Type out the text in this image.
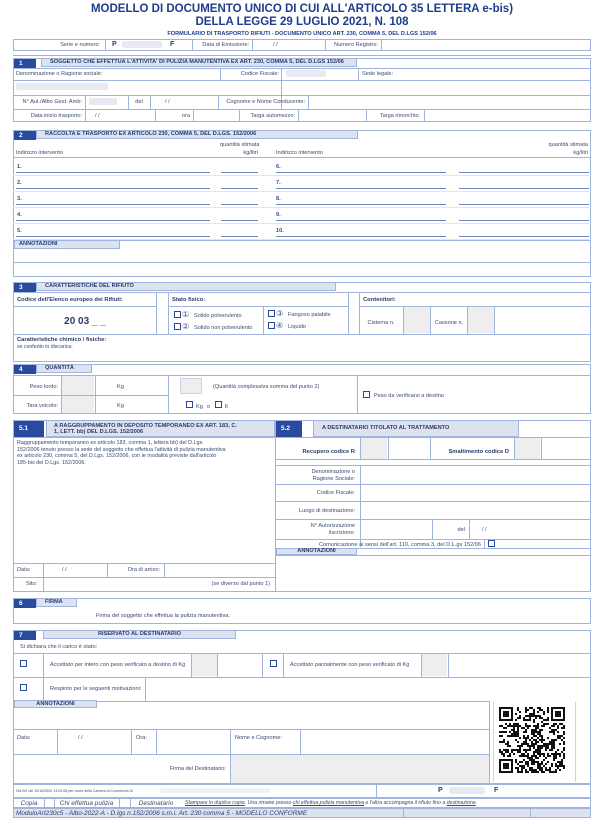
MODELLO DI DOCUMENTO UNICO DI CUI ALL'ARTICOLO 35 LETTERA e-bis)
DELLA LEGGE 29 LUGLIO 2021, N. 108
FORMULARIO DI TRASPORTO RIFIUTI - DOCUMENTO UNICO ART. 230, COMMA 5, DEL D.LGS 152/06
Serie e numero: P	F	Data di Emissione:	/ /	Numero Registro:
1	SOGGETTO CHE EFFETTUA L'ATTIVITA' DI PULIZIA MANUTENTIVA EX ART. 230, COMMA 5, DEL D.LGS 152/06
Denominazione o Ragione sociale:	Codice Fiscale:	Sede legale:
N° Aut./Albo Gest. Amb:	del	/ /	Cognome e Nome Conducente:
Data inizio trasporto: / /	ora	Targa automezzo:	Targa rimorchio:
2	RACCOLTA E TRASPORTO EX ARTICOLO 230, COMMA 5, DEL D.LGS. 152/2006
Indirizzo intervento
quantità stimata
kg/litri	Indirizzo intervento
quantità stimata
kg/litri
1.	6.
2.	7.
3.	8.
4.	9.
5.	10.
ANNOTAZIONI
3	CARATTERISTICHE DEL RIFIUTO
Codice dell'Elenco europeo dei Rifiuti:
20 03 _ _
Stato fisico:
① Solido polverulento
② Solido non polverulento
③ Fangoso palabile
④ Liquido
Contenitori:
Cisterna n.	Cassone n.
Caratteristiche chimico / fisiche:
se conferito in discarica:
4	QUANTITÀ
Peso lordo:	Kg
Tara veicolo:	Kg
(Quantità complessiva somma del punto 2)
Kg o	lt
Peso da verificarsi a destino
5.1	A RAGGRUPPAMENTO IN DEPOSITO TEMPORANEO EX ART. 183, C.
1, LETT. bb) DEL D.LGS. 152/2006
Raggruppamento temporaneo ex articolo 183, comma 1, lettera bb) del D.Lgs.
152/2006 tenuto presso la sede del soggetto che effettua l'attività di pulizia manutentiva
ex articolo 230, comma 5, del D.Lgs. 152/2006, con le modalità previste dall'articolo
185-bis del D.Lgs. 152/2006.
Data:	/ /	Ora di arrivo:
Sito:	(se diverso dal punto 1)
5.2	A DESTINATARIO TITOLATO AL TRATTAMENTO
Recupero codice R	Smaltimento codice D
Denominazione o
Ragione Sociale:
Codice Fiscale:
Luogo di destinazione:
N° Autorizzazione
/iscrizione:	del	/ /
Comunicazione ai sensi dell'art. 110, comma 3, del D.L.gs 152/06
ANNOTAZIONI
6	FIRMA
Firma del soggetto che effettua la pulizia manutentiva:
7	RISERVATO AL DESTINATARIO
Si dichiara che il carico è stato:
Accettato per intero con peso verificato a destino di Kg	Accettato parzialmente con peso verificato di Kg
Respinto per le seguenti motivazioni:
ANNOTAZIONI
Data:	/ /	Ora:	Nome e Cognome:
Firma del Destinatario:
Vid.W1 del 10/10/2020 14:29:08 per conto della Camera di Commercio di	P	F
Copia	Chi effettua pulizia	Destinatario	Stampare in duplice copia. Una rimane presso chi effettua pulizia manutentiva e l'altra accompagna il rifiuto fino a destinazione.
ModuloArt230c5 - Albo-2022-A - D.lgs n.152/2006 s.m.i. Art. 230 comma 5 - MODELLO CONFORME
